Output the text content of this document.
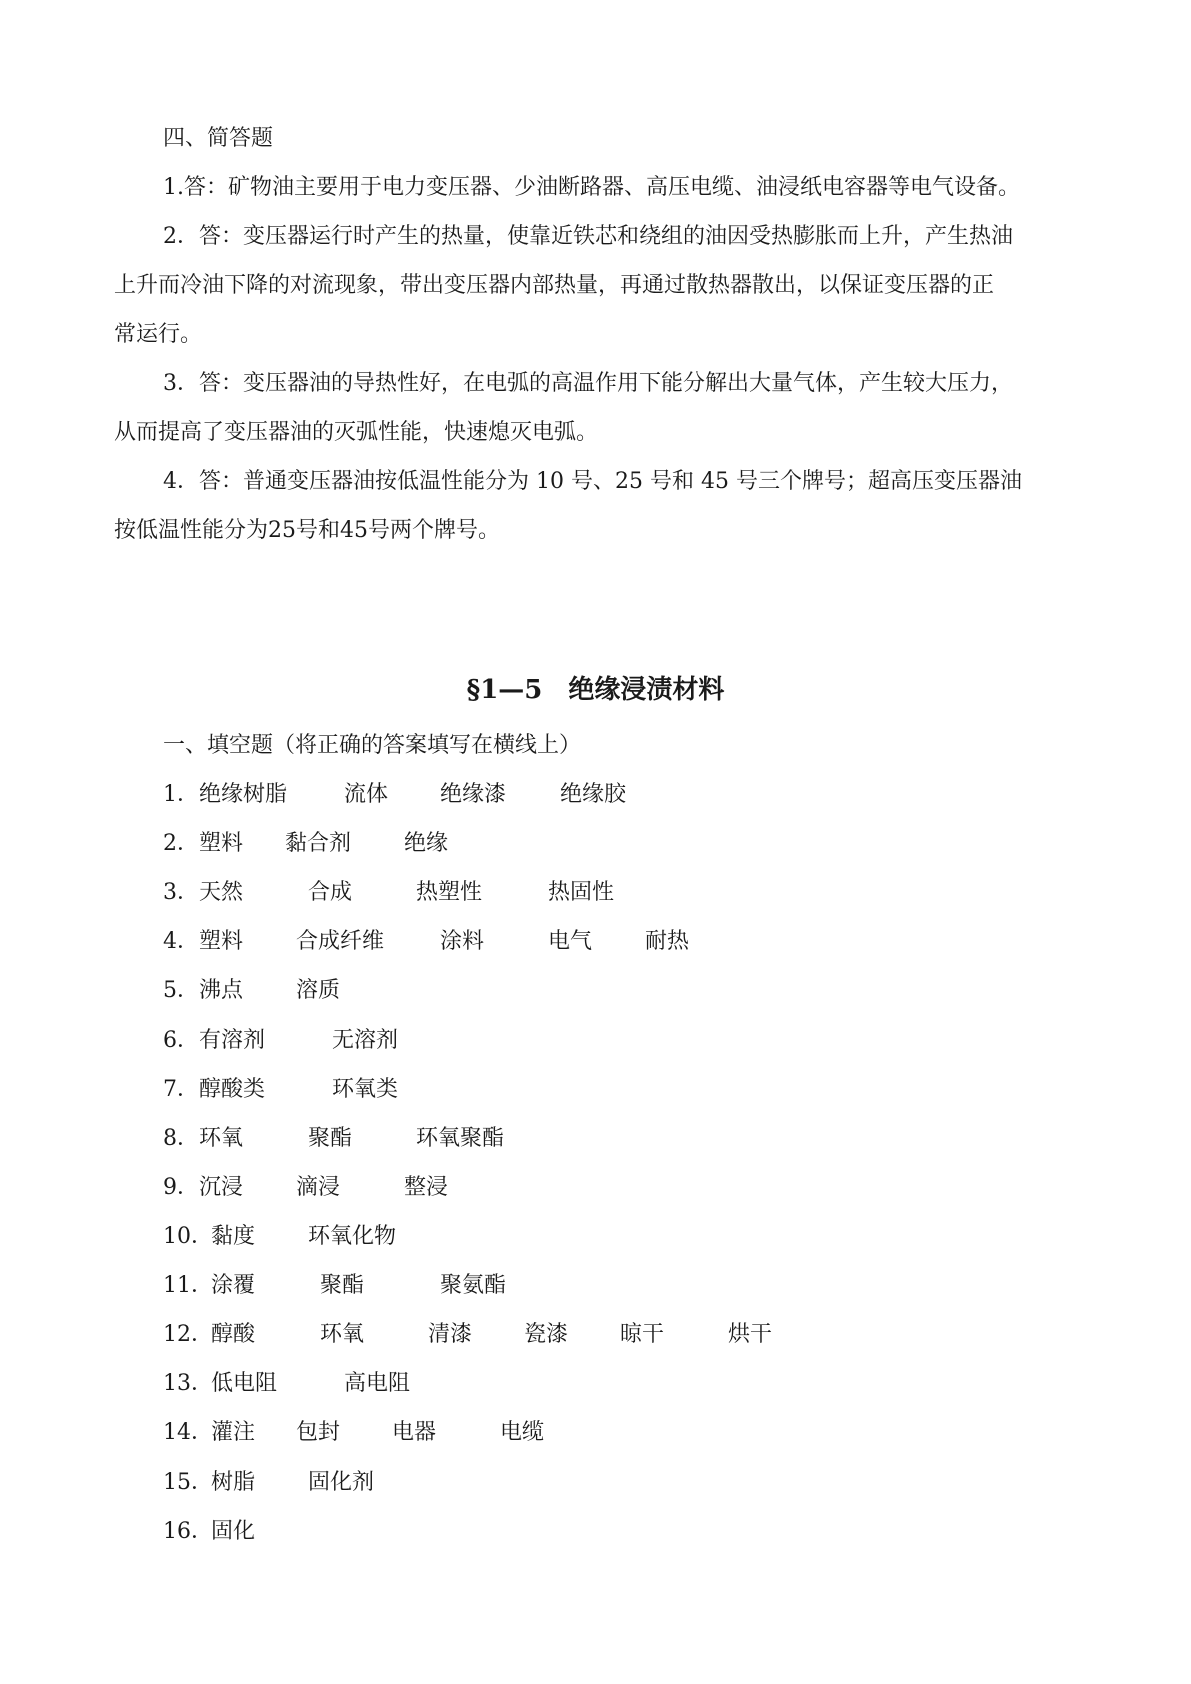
四、简答题
1.答：矿物油主要用于电力变压器、少油断路器、高压电缆、油浸纸电容器等电气设备。
2．答：变压器运行时产生的热量，使靠近铁芯和绕组的油因受热膨胀而上升，产生热油
上升而冷油下降的对流现象，带出变压器内部热量，再通过散热器散出，以保证变压器的正
常运行。
3．答：变压器油的导热性好，在电弧的高温作用下能分解出大量气体，产生较大压力，
从而提高了变压器油的灭弧性能，快速熄灭电弧。
4．答：普通变压器油按低温性能分为 10 号、25 号和 45 号三个牌号；超高压变压器油
按低温性能分为25号和45号两个牌号。
§1—5　绝缘浸渍材料
一、填空题（将正确的答案填写在横线上）
1． 绝缘树脂	流体 绝缘漆 绝缘胶
2． 塑料 黏合剂 绝缘
3． 天然	合成	热塑性	热固性
4． 塑料 合成纤维	涂料	电气 耐热
5． 沸点 溶质
6． 有溶剂	无溶剂
7． 醇酸类	环氧类
8． 环氧	聚酯	环氧聚酯
9． 沉浸 滴浸	整浸
10．
黏度 环氧化物
11．
涂覆	聚酯	聚氨酯
12．
醇酸	环氧	清漆 瓷漆 晾干	烘干
13．
低电阻	高电阻
14．
灌注 包封 电器	电缆
15．
树脂 固化剂
16．
固化
